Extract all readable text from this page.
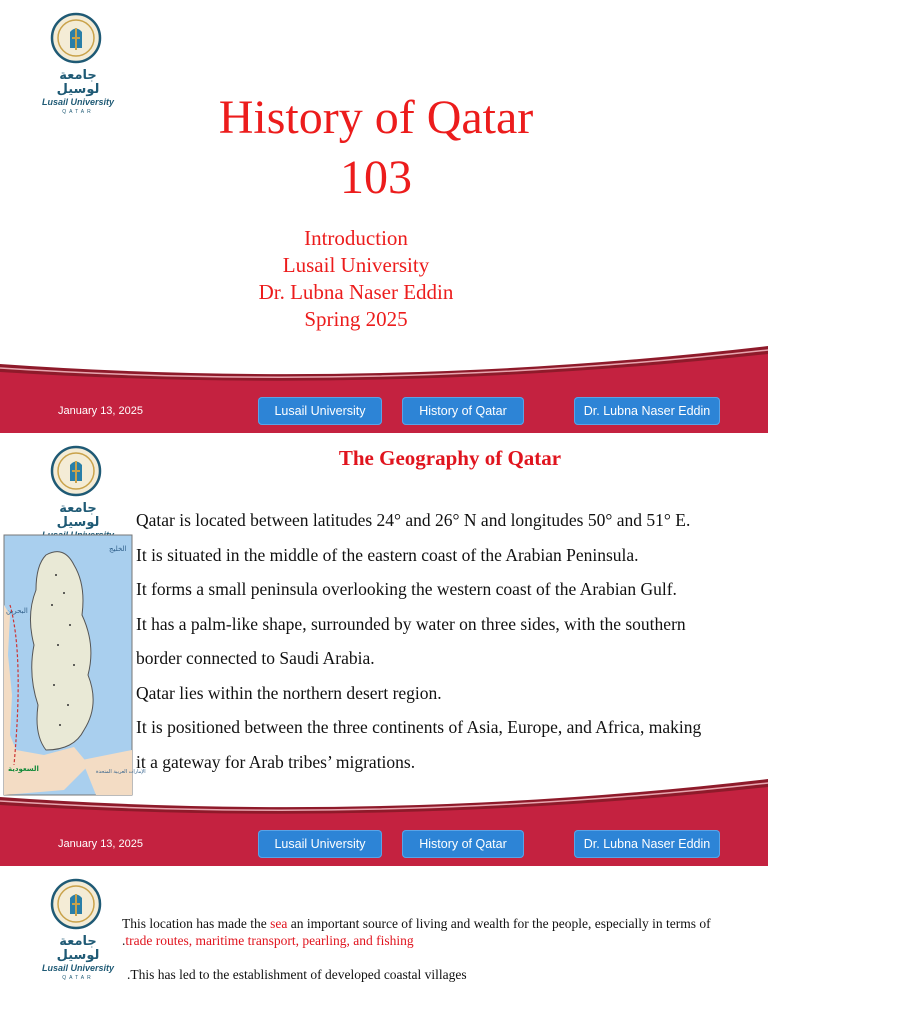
جامعة لوسيل
Lusail University
QATAR	History of Qatar
103
Introduction
Lusail University
Dr. Lubna Naser Eddin
Spring 2025
January 13, 2025	Lusail University	History of Qatar	Dr. Lubna Naser Eddin
جامعة لوسيل
The Geography of Qatar
الخليج
البحرين
السعودية	الإمارات العربية المتحدة
Qatar is located between latitudes 24° and 26° N and longitudes 50° and 51° E.
It is situated in the middle of the eastern coast of the Arabian Peninsula.
It forms a small peninsula overlooking the western coast of the Arabian Gulf.
It has a palm-like shape, surrounded by water on three sides, with the southern
border connected to Saudi Arabia.
Qatar lies within the northern desert region.
It is positioned between the three continents of Asia, Europe, and Africa, making
it a gateway for Arab tribes’ migrations.
January 13, 2025	Lusail University	History of Qatar	Dr. Lubna Naser Eddin
جامعة لوسيل
Lusail University
QATAR
This location has made the sea an important source of living and wealth for the people, especially in terms of
.trade routes, maritime transport, pearling, and fishing
.This has led to the establishment of developed coastal villages
